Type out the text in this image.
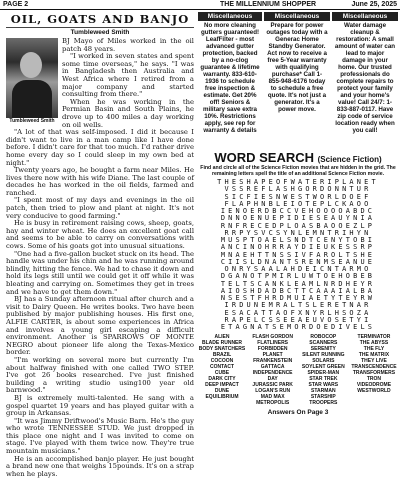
PAGE 2	THE MILLENNIUM SHOPPER	June 25, 2025
OIL, GOATS AND BANJO
Tumbleweed Smith
Tumbleweed Smith

BJ Mayo of Miles worked in the oil patch 48 years.

"I worked in seven states and spent some time overseas," he says. "I was in Bangladesh then Australia and West Africa where I retired from a major company and started consulting from there."

When he was working in the Permian Basin and South Plains, he drove up to 400 miles a day working on oil wells.

"A lot of that was self-imposed. I did it because I didn't want to live in a man camp like I have done before. I didn't care for that too much. I'd rather drive home every day so I could sleep in my own bed at night."

Twenty years ago, he bought a farm near Miles. He lives there now with his wife Diane. The last couple of decades he has worked in the oil fields, farmed and ranched.

"I spent most of my days and evenings in the oil patch, then tried to plow and plant at night. It's not very conducive to good farming."

He is busy in retirement raising cows, sheep, goats, hay and winter wheat. He does an excellent goat call and seems to be able to carry on conversations with cows. Some of his goats got into unusual situations.

"One had a five-gallon bucket stuck on its head. The handle was under his chin and he was running around blindly, hitting the fence. We had to chase it down and hold its legs still until we could get it off while it was bleating and carrying on. Sometimes they get in trees and we have to get them down."

BJ has a Sunday afternoon ritual after church and a visit to Dairy Queen. He writes books. Two have been published by major publishing houses. His first one, ALFIE CARTER, is about some experiences in Africa and involves a young girl escaping a difficult environment. Another is SPARROWS OF MONTE NEGRO about pioneer life along the Texas-Mexico border.

"I'm working on several more but currently I'm about halfway finished with one called TWO STEP. I've got 26 books researched. I've just finished building a writing studio using100 year old barnwood."

BJ is extremely multi-talented. He sang with a gospel quartet 19 years and has played guitar with a group in Arkansas.

"It was Jimmy Driftwood's Music Barn. He's the guy who wrote TENNESSEE STUD. We just dropped in this place one night and I was invited to come on stage. I've played with them twice now. They're true mountain musicians."

He is an accomplished banjo player. He just bought a brand new one that weighs 15pounds. It's on a strap when he plays.

Miscellaneous
No more cleaning gutters guaranteed! LeafFilter - most advanced gutter protection, backed by a no-clog guarantee & lifetime warranty. 833-610-1936 to schedule free inspection & estimate. Get 20% off! Seniors & military save extra 10%. Restrictions apply, see rep for warranty & details
Miscellaneous
Prepare for power outages today with a Generac Home Standby Generator. Act now to receive a free 5-Year warranty with qualifying purchase* Call 1-855-948-6176 today to schedule a free quote. It's not just a generator. It's a power move.
Miscellaneous
Water damage cleanup & restoration: A small amount of water can lead to major damage in your home. Our trusted professionals do complete repairs to protect your family and your home's value! Call 24/7: 1-833-887-0117. Have zip code of service location ready when you call!
WORD SEARCH (Science Fiction)
Find and circle all of the Science Fiction movies that are hidden in the grid. The remaining letters spell the title of an additional Science Fiction movie.
THESHAPEOFWATERIPLANET
VSSREFLASHGORDONNTUR
SICFIESNWESTWORLDOEF
FLAPHNBLEIOTEPLCKAOO
IENOERDBCCVEHOOOOABDC
DNNOENUEPIDIESEAUYNIA
RNFRECEDPLOASBAOOEZLP
RRPYSVCSYNLEMNTRIHYN
MUSPTOAELSNDTCENYTOBI
ANCINOHRRAYDIEUKESSRP
MNAEHTTNSSIVFAROLTSHE
CIISLDNANTSRENMSEANUE
ONRYSAALAHDEICNTARMO
DGANOTPMIRLUWTOEHOBEB
TELTSCANKLEAMLNRDHEYR
AIOSHDADBCTTCAAAIALBA
NSESTFHRDMUIAETYTEYRW
IRDUNEMRALTSLERETNAR
ESACATTAOFXNYRLHSOZA
RAPELCSSEEAEUVOSETYI
ETAGNATSEMORDOEDIVELS
ALIEN
BLADE RUNNER
BODY SNATCHERS
BRAZIL
COCOON
CONTACT
CUBE
DARK CITY
DEEP IMPACT
DUNE
EQUILIBRIUM
FLASH GORDON
FLATLINERS
FORBIDDEN PLANET
FRANKENSTEIN
GATTACA
INDEPENDENCE DAY
JURASSIC PARK
LOGAN'S RUN
MAD MAX
METROPOLIS
ROBOCOP
SCANNERS
SERENITY
SILENT RUNNING
SOLARIS
SOYLENT GREEN
SPIDER-MAN
STAR TREK
STAR WARS
STARMAN
STARSHIP TROOPERS
TERMINATOR
THE ABYSS
THE FLY
THE MATRIX
THEY LIVE
TRANSCENDENCE
TRANSFORMERS
TRON
VIDEODROME
WESTWORLD
Answers On Page 3
